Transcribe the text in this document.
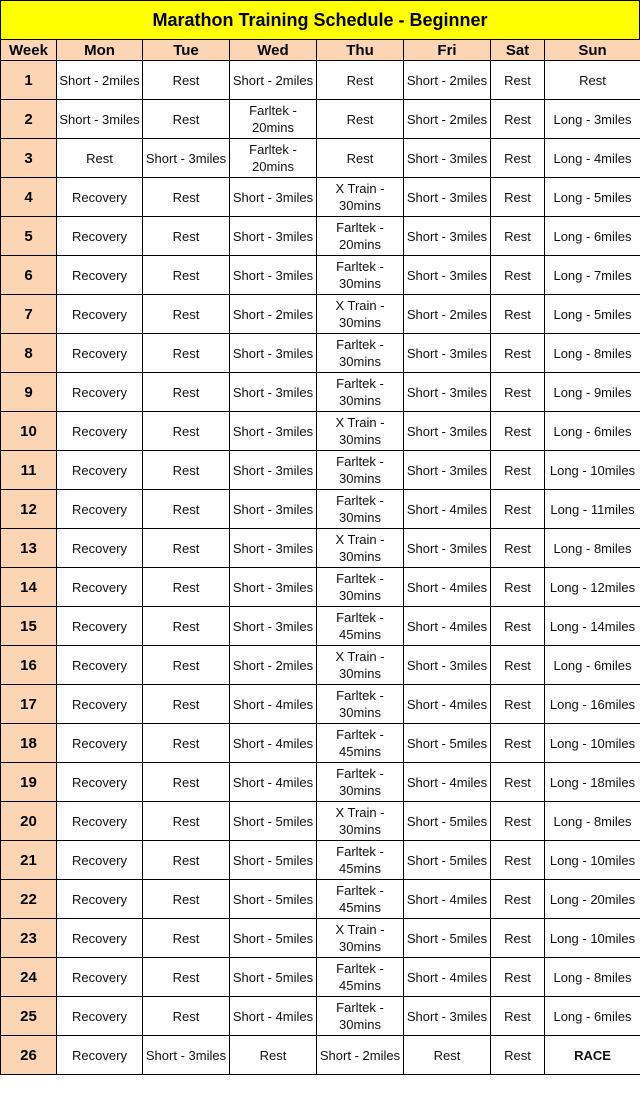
Marathon Training Schedule - Beginner
Week	Mon	Tue	Wed	Thu	Fri	Sat	Sun
1	Short - 2miles	Rest	Short - 2miles	Rest	Short - 2miles	Rest	Rest
2	Short - 3miles	Rest	Farltek - 20mins	Rest	Short - 2miles	Rest	Long - 3miles
3	Rest	Short - 3miles	Farltek - 20mins	Rest	Short - 3miles	Rest	Long - 4miles
4	Recovery	Rest	Short - 3miles	X Train - 30mins	Short - 3miles	Rest	Long - 5miles
5	Recovery	Rest	Short - 3miles	Farltek - 20mins	Short - 3miles	Rest	Long - 6miles
6	Recovery	Rest	Short - 3miles	Farltek - 30mins	Short - 3miles	Rest	Long - 7miles
7	Recovery	Rest	Short - 2miles	X Train - 30mins	Short - 2miles	Rest	Long - 5miles
8	Recovery	Rest	Short - 3miles	Farltek - 30mins	Short - 3miles	Rest	Long - 8miles
9	Recovery	Rest	Short - 3miles	Farltek - 30mins	Short - 3miles	Rest	Long - 9miles
10	Recovery	Rest	Short - 3miles	X Train - 30mins	Short - 3miles	Rest	Long - 6miles
11	Recovery	Rest	Short - 3miles	Farltek - 30mins	Short - 3miles	Rest	Long - 10miles
12	Recovery	Rest	Short - 3miles	Farltek - 30mins	Short - 4miles	Rest	Long - 11miles
13	Recovery	Rest	Short - 3miles	X Train - 30mins	Short - 3miles	Rest	Long - 8miles
14	Recovery	Rest	Short - 3miles	Farltek - 30mins	Short - 4miles	Rest	Long - 12miles
15	Recovery	Rest	Short - 3miles	Farltek - 45mins	Short - 4miles	Rest	Long - 14miles
16	Recovery	Rest	Short - 2miles	X Train - 30mins	Short - 3miles	Rest	Long - 6miles
17	Recovery	Rest	Short - 4miles	Farltek - 30mins	Short - 4miles	Rest	Long - 16miles
18	Recovery	Rest	Short - 4miles	Farltek - 45mins	Short - 5miles	Rest	Long - 10miles
19	Recovery	Rest	Short - 4miles	Farltek - 30mins	Short - 4miles	Rest	Long - 18miles
20	Recovery	Rest	Short - 5miles	X Train - 30mins	Short - 5miles	Rest	Long - 8miles
21	Recovery	Rest	Short - 5miles	Farltek - 45mins	Short - 5miles	Rest	Long - 10miles
22	Recovery	Rest	Short - 5miles	Farltek - 45mins	Short - 4miles	Rest	Long - 20miles
23	Recovery	Rest	Short - 5miles	X Train - 30mins	Short - 5miles	Rest	Long - 10miles
24	Recovery	Rest	Short - 5miles	Farltek - 45mins	Short - 4miles	Rest	Long - 8miles
25	Recovery	Rest	Short - 4miles	Farltek - 30mins	Short - 3miles	Rest	Long - 6miles
26	Recovery	Short - 3miles	Rest	Short - 2miles	Rest	Rest	RACE
